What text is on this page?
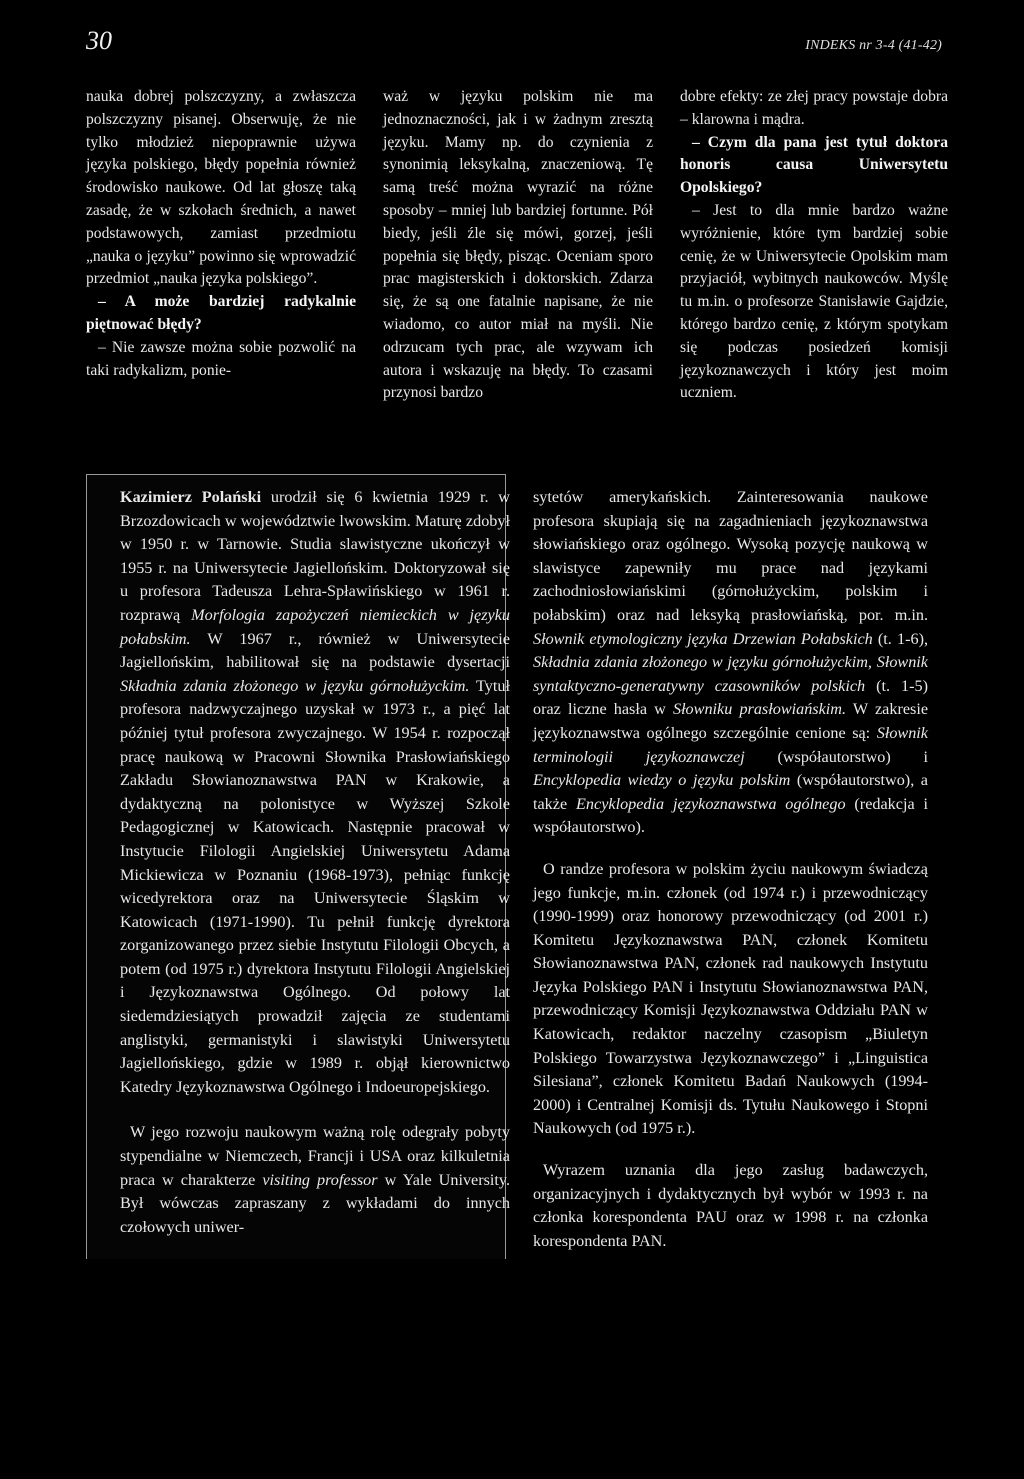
30	INDEKS nr 3-4 (41-42)

nauka dobrej polszczyzny, a zwłaszcza polszczyzny pisanej. Obserwuję, że nie tylko młodzież niepoprawnie używa języka polskiego, błędy popełnia również środowisko naukowe. Od lat głoszę taką zasadę, że w szkołach średnich, a nawet podstawowych, zamiast przedmiotu „nauka o języku” powinno się wprowadzić przedmiot „nauka języka polskiego”.

– A może bardziej radykalnie piętnować błędy?

– Nie zawsze można sobie pozwolić na taki radykalizm, ponie-

waż w języku polskim nie ma jednoznaczności, jak i w żadnym zresztą języku. Mamy np. do czynienia z synonimią leksykalną, znaczeniową. Tę samą treść można wyrazić na różne sposoby – mniej lub bardziej fortunne. Pół biedy, jeśli źle się mówi, gorzej, jeśli popełnia się błędy, pisząc. Oceniam sporo prac magisterskich i doktorskich. Zdarza się, że są one fatalnie napisane, że nie wiadomo, co autor miał na myśli. Nie odrzucam tych prac, ale wzywam ich autora i wskazuję na błędy. To czasami przynosi bardzo

dobre efekty: ze złej pracy powstaje dobra – klarowna i mądra.

– Czym dla pana jest tytuł doktora honoris causa Uniwersytetu Opolskiego?

– Jest to dla mnie bardzo ważne wyróżnienie, które tym bardziej sobie cenię, że w Uniwersytecie Opolskim mam przyjaciół, wybitnych naukowców. Myślę tu m.in. o profesorze Stanisławie Gajdzie, którego bardzo cenię, z którym spotykam się podczas posiedzeń komisji językoznawczych i który jest moim uczniem.

Kazimierz Polański urodził się 6 kwietnia 1929 r. w Brzozdowicach w województwie lwowskim. Maturę zdobył w 1950 r. w Tarnowie. Studia slawistyczne ukończył w 1955 r. na Uniwersytecie Jagiellońskim. Doktoryzował się u profesora Tadeusza Lehra-Spławińskiego w 1961 r. rozprawą Morfologia zapożyczeń niemieckich w języku połabskim. W 1967 r., również w Uniwersytecie Jagiellońskim, habilitował się na podstawie dysertacji Składnia zdania złożonego w języku górnołużyckim. Tytuł profesora nadzwyczajnego uzyskał w 1973 r., a pięć lat później tytuł profesora zwyczajnego. W 1954 r. rozpoczął pracę naukową w Pracowni Słownika Prasłowiańskiego Zakładu Słowianoznawstwa PAN w Krakowie, a dydaktyczną na polonistyce w Wyższej Szkole Pedagogicznej w Katowicach. Następnie pracował w Instytucie Filologii Angielskiej Uniwersytetu Adama Mickiewicza w Poznaniu (1968-1973), pełniąc funkcję wicedyrektora oraz na Uniwersytecie Śląskim w Katowicach (1971-1990). Tu pełnił funkcję dyrektora zorganizowanego przez siebie Instytutu Filologii Obcych, a potem (od 1975 r.) dyrektora Instytutu Filologii Angielskiej i Językoznawstwa Ogólnego. Od połowy lat siedemdziesiątych prowadził zajęcia ze studentami anglistyki, germanistyki i slawistyki Uniwersytetu Jagiellońskiego, gdzie w 1989 r. objął kierownictwo Katedry Językoznawstwa Ogólnego i Indoeuropejskiego.

W jego rozwoju naukowym ważną rolę odegrały pobyty stypendialne w Niemczech, Francji i USA oraz kilkuletnia praca w charakterze visiting professor w Yale University. Był wówczas zapraszany z wykładami do innych czołowych uniwer-

sytetów amerykańskich. Zainteresowania naukowe profesora skupiają się na zagadnieniach językoznawstwa słowiańskiego oraz ogólnego. Wysoką pozycję naukową w slawistyce zapewniły mu prace nad językami zachodniosłowiańskimi (górnołużyckim, polskim i połabskim) oraz nad leksyką prasłowiańską, por. m.in. Słownik etymologiczny języka Drzewian Połabskich (t. 1-6), Składnia zdania złożonego w języku górnołużyckim, Słownik syntaktyczno-generatywny czasowników polskich (t. 1-5) oraz liczne hasła w Słowniku prasłowiańskim. W zakresie językoznawstwa ogólnego szczególnie cenione są: Słownik terminologii językoznawczej (współautorstwo) i Encyklopedia wiedzy o języku polskim (współautorstwo), a także Encyklopedia językoznawstwa ogólnego (redakcja i współautorstwo).

O randze profesora w polskim życiu naukowym świadczą jego funkcje, m.in. członek (od 1974 r.) i przewodniczący (1990-1999) oraz honorowy przewodniczący (od 2001 r.) Komitetu Językoznawstwa PAN, członek Komitetu Słowianoznawstwa PAN, członek rad naukowych Instytutu Języka Polskiego PAN i Instytutu Słowianoznawstwa PAN, przewodniczący Komisji Językoznawstwa Oddziału PAN w Katowicach, redaktor naczelny czasopism „Biuletyn Polskiego Towarzystwa Językoznawczego” i „Linguistica Silesiana”, członek Komitetu Badań Naukowych (1994-2000) i Centralnej Komisji ds. Tytułu Naukowego i Stopni Naukowych (od 1975 r.).

Wyrazem uznania dla jego zasług badawczych, organizacyjnych i dydaktycznych był wybór w 1993 r. na członka korespondenta PAU oraz w 1998 r. na członka korespondenta PAN.
